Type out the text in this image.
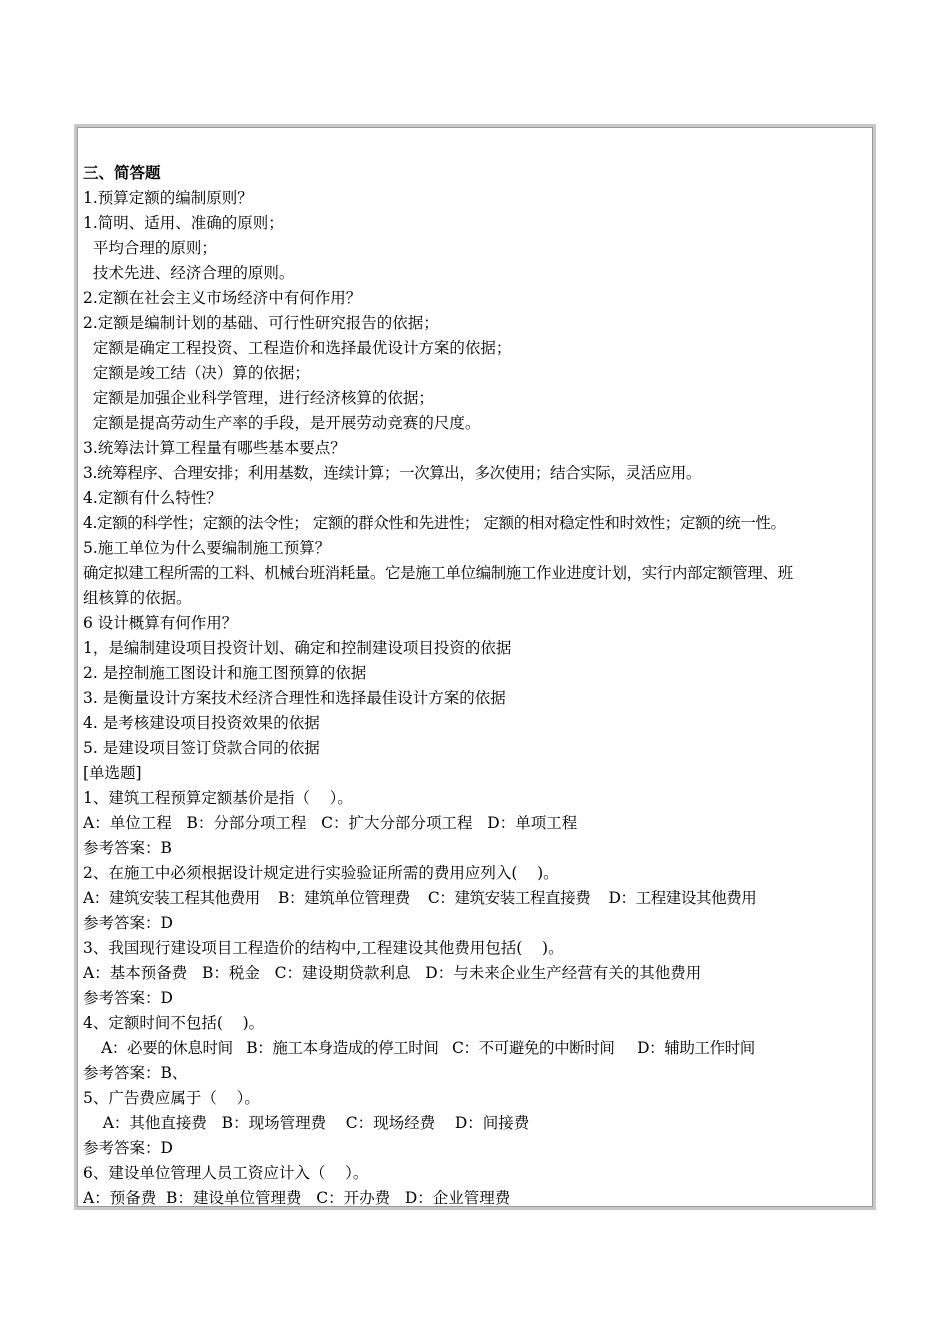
三、简答题
1.预算定额的编制原则？
1.简明、适用、准确的原则；
平均合理的原则；
技术先进、经济合理的原则。
2.定额在社会主义市场经济中有何作用？
2.定额是编制计划的基础、可行性研究报告的依据；
定额是确定工程投资、工程造价和选择最优设计方案的依据；
定额是竣工结（决）算的依据；
定额是加强企业科学管理，进行经济核算的依据；
定额是提高劳动生产率的手段，是开展劳动竞赛的尺度。
3.统筹法计算工程量有哪些基本要点？
3.统筹程序、合理安排；利用基数，连续计算；一次算出，多次使用；结合实际，灵活应用。
4.定额有什么特性？
4.定额的科学性；定额的法令性； 定额的群众性和先进性； 定额的相对稳定性和时效性；定额的统一性。
5.施工单位为什么要编制施工预算？
确定拟建工程所需的工料、机械台班消耗量。它是施工单位编制施工作业进度计划，实行内部定额管理、班
组核算的依据。
6 设计概算有何作用？
1，是编制建设项目投资计划、确定和控制建设项目投资的依据
2. 是控制施工图设计和施工图预算的依据
3. 是衡量设计方案技术经济合理性和选择最佳设计方案的依据
4. 是考核建设项目投资效果的依据
5. 是建设项目签订贷款合同的依据
[单选题]
1、建筑工程预算定额基价是指（    ）。
A：单位工程   B：分部分项工程   C：扩大分部分项工程   D：单项工程
参考答案：B
2、在施工中必须根据设计规定进行实验验证所需的费用应列入(    )。
A：建筑安装工程其他费用    B：建筑单位管理费    C：建筑安装工程直接费    D：工程建设其他费用
参考答案：D
3、我国现行建设项目工程造价的结构中,工程建设其他费用包括(    )。
A：基本预备费   B：税金   C：建设期贷款利息   D：与未来企业生产经营有关的其他费用
参考答案：D
4、定额时间不包括(    )。
A：必要的休息时间   B：施工本身造成的停工时间   C：不可避免的中断时间     D：辅助工作时间
参考答案：B、
5、广告费应属于（    ）。
A：其他直接费   B：现场管理费    C：现场经费    D：间接费
参考答案：D
6、建设单位管理人员工资应计入（    ）。
A：预备费  B：建设单位管理费   C：开办费   D：企业管理费
